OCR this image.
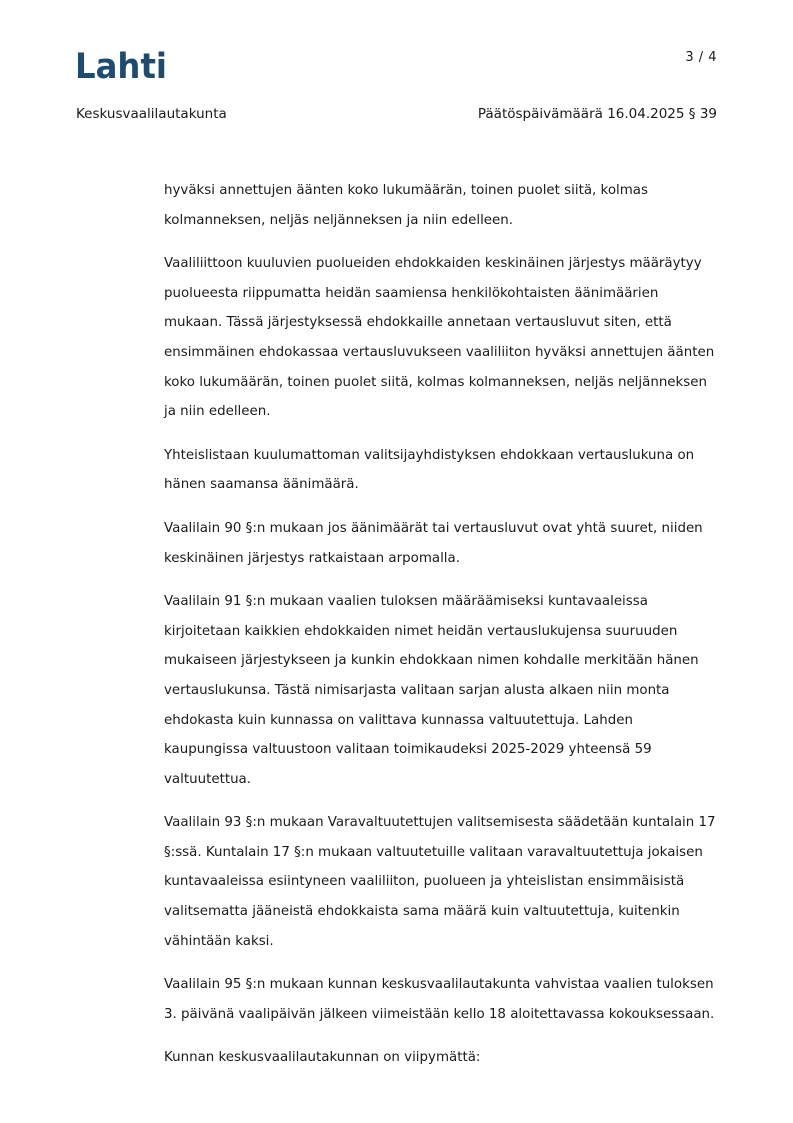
Lahti	3 / 4
Keskusvaalilautakunta	Päätöspäivämäärä 16.04.2025 § 39

hyväksi annettujen äänten koko lukumäärän, toinen puolet siitä, kolmas kolmanneksen, neljäs neljänneksen ja niin edelleen.

Vaaliliittoon kuuluvien puolueiden ehdokkaiden keskinäinen järjestys määräytyy puolueesta riippumatta heidän saamiensa henkilökohtaisten äänimäärien mukaan. Tässä järjestyksessä ehdokkaille annetaan vertausluvut siten, että ensimmäinen ehdokassaa vertausluvukseen vaaliliiton hyväksi annettujen äänten koko lukumäärän, toinen puolet siitä, kolmas kolmanneksen, neljäs neljänneksen ja niin edelleen.

Yhteislistaan kuulumattoman valitsijayhdistyksen ehdokkaan vertauslukuna on hänen saamansa äänimäärä.

Vaalilain 90 §:n mukaan jos äänimäärät tai vertausluvut ovat yhtä suuret, niiden keskinäinen järjestys ratkaistaan arpomalla.

Vaalilain 91 §:n mukaan vaalien tuloksen määräämiseksi kuntavaaleissa kirjoitetaan kaikkien ehdokkaiden nimet heidän vertauslukujensa suuruuden mukaiseen järjestykseen ja kunkin ehdokkaan nimen kohdalle merkitään hänen vertauslukunsa. Tästä nimisarjasta valitaan sarjan alusta alkaen niin monta ehdokasta kuin kunnassa on valittava kunnassa valtuutettuja. Lahden kaupungissa valtuustoon valitaan toimikaudeksi 2025-2029 yhteensä 59 valtuutettua.

Vaalilain 93 §:n mukaan Varavaltuutettujen valitsemisesta säädetään kuntalain 17 §:ssä. Kuntalain 17 §:n mukaan valtuutetuille valitaan varavaltuutettuja jokaisen kuntavaaleissa esiintyneen vaaliliiton, puolueen ja yhteislistan ensimmäisistä valitsematta jääneistä ehdokkaista sama määrä kuin valtuutettuja, kuitenkin vähintään kaksi.

Vaalilain 95 §:n mukaan kunnan keskusvaalilautakunta vahvistaa vaalien tuloksen 3. päivänä vaalipäivän jälkeen viimeistään kello 18 aloitettavassa kokouksessaan.

Kunnan keskusvaalilautakunnan on viipymättä:
